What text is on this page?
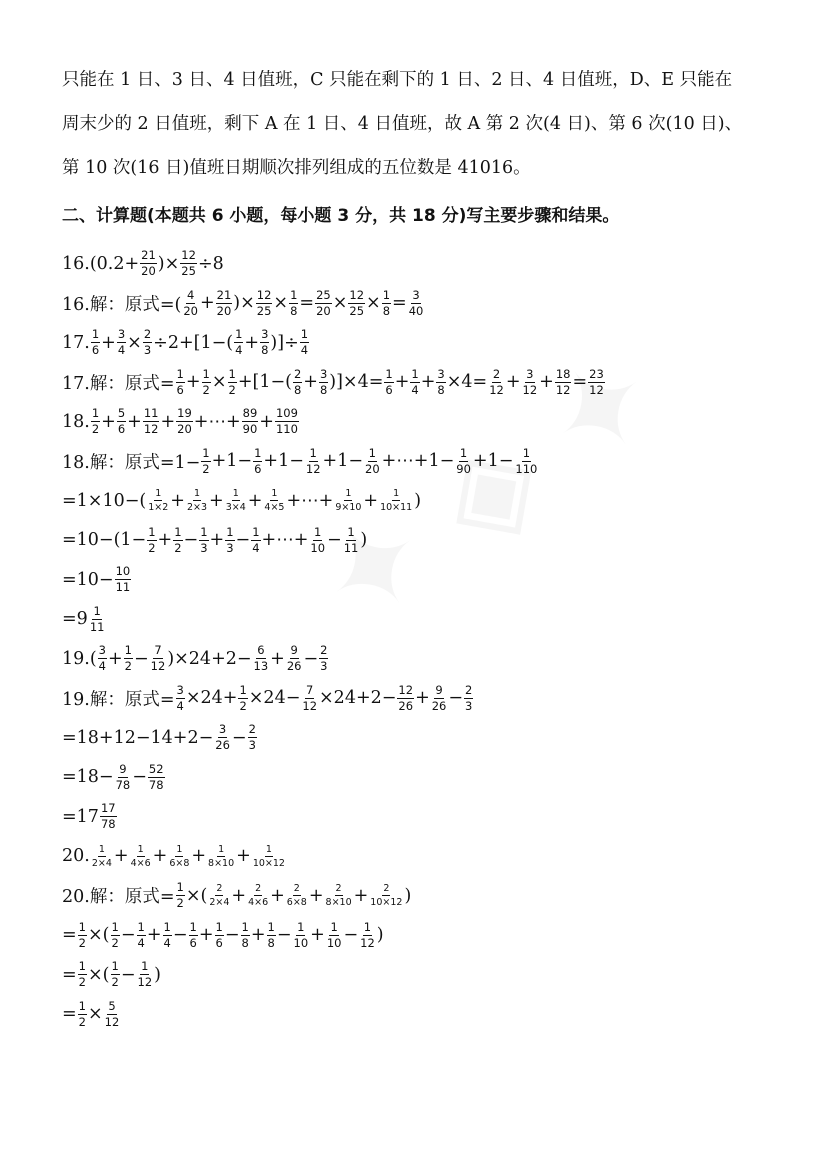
只能在 1 日、3 日、4 日值班，C 只能在剩下的 1 日、2 日、4 日值班，D、E 只能在

周末少的 2 日值班，剩下 A 在 1 日、4 日值班，故 A 第 2 次(4 日)、第 6 次(10 日)、

第 10 次(16 日)值班日期顺次排列组成的五位数是 41016。

二、计算题(本题共 6 小题，每小题 3 分，共 18 分)写主要步骤和结果。
$16.(0.2+ \frac{21}{20}$ )× $\frac{12}{25} \div 8$
16.解：原式=( $\frac{4}{20} + \frac{21}{20}$ )× $\frac{12}{25} \times \frac{1}{8} = \frac{25}{20} \times \frac{12}{25} \times \frac{1}{8} = \frac{3}{40}$
17. $\frac{1}{6} + \frac{3}{4} \times \frac{2}{3} \div 2+[1-( \frac{1}{4} + \frac{3}{8}$ )]÷ $\frac{1}{4}$
17.解：原式= $\frac{1}{6} + \frac{1}{2} \times \frac{1}{2} +[1-( \frac{2}{8} + \frac{3}{8} )]\times 4= \frac{1}{6} + \frac{1}{4} + \frac{3}{8} \times 4= \frac{2}{12} + \frac{3}{12} + \frac{18}{12} = \frac{23}{12}$
18. $\frac{1}{2} + \frac{5}{6} + \frac{11}{12} + \frac{19}{20}$ +⋯+ $\frac{89}{90} + \frac{109}{110}$
18.解：原式$=1- \frac{1}{2} +1- \frac{1}{6} +1- \frac{1}{12} +1- \frac{1}{20}$ +⋯+1− $\frac{1}{90} +1- \frac{1}{110}$
$=1\times 10-( \frac{1}{1\times 2} + \frac{1}{2\times 3} + \frac{1}{3\times 4} + \frac{1}{4\times 5}$ +⋯+ $\frac{1}{9\times 10} + \frac{1}{10\times 11}$ )
$=10-(1- \frac{1}{2} + \frac{1}{2} - \frac{1}{3} + \frac{1}{3} - \frac{1}{4}$ +⋯+ $\frac{1}{10} - \frac{1}{11}$ )
$=10- \frac{10}{11}$
$=9 \frac{1}{11}$
$19.( \frac{3}{4} + \frac{1}{2} - \frac{7}{12} )\times 24+2- \frac{6}{13} + \frac{9}{26} - \frac{2}{3}$
19.解：原式= $\frac{3}{4} \times 24+ \frac{1}{2} \times 24- \frac{7}{12} \times 24+2- \frac{12}{26} + \frac{9}{26} - \frac{2}{3}$
$=18+12-14+2- \frac{3}{26} - \frac{2}{3}$
$=18- \frac{9}{78} - \frac{52}{78}$
$=17 \frac{17}{78}$
20. $\frac{1}{2\times 4} + \frac{1}{4\times 6} + \frac{1}{6\times 8} + \frac{1}{8\times 10} + \frac{1}{10\times 12}$
20.解：原式= $\frac{1}{2}$ ×( $\frac{2}{2\times 4} + \frac{2}{4\times 6} + \frac{2}{6\times 8} + \frac{2}{8\times 10} + \frac{2}{10\times 12}$ )
= $\frac{1}{2}$ ×( $\frac{1}{2} - \frac{1}{4} + \frac{1}{4} - \frac{1}{6} + \frac{1}{6} - \frac{1}{8} + \frac{1}{8} - \frac{1}{10} + \frac{1}{10} - \frac{1}{12}$ )
= $\frac{1}{2}$ ×( $\frac{1}{2} - \frac{1}{12}$ )
= $\frac{1}{2} \times \frac{5}{12}$
